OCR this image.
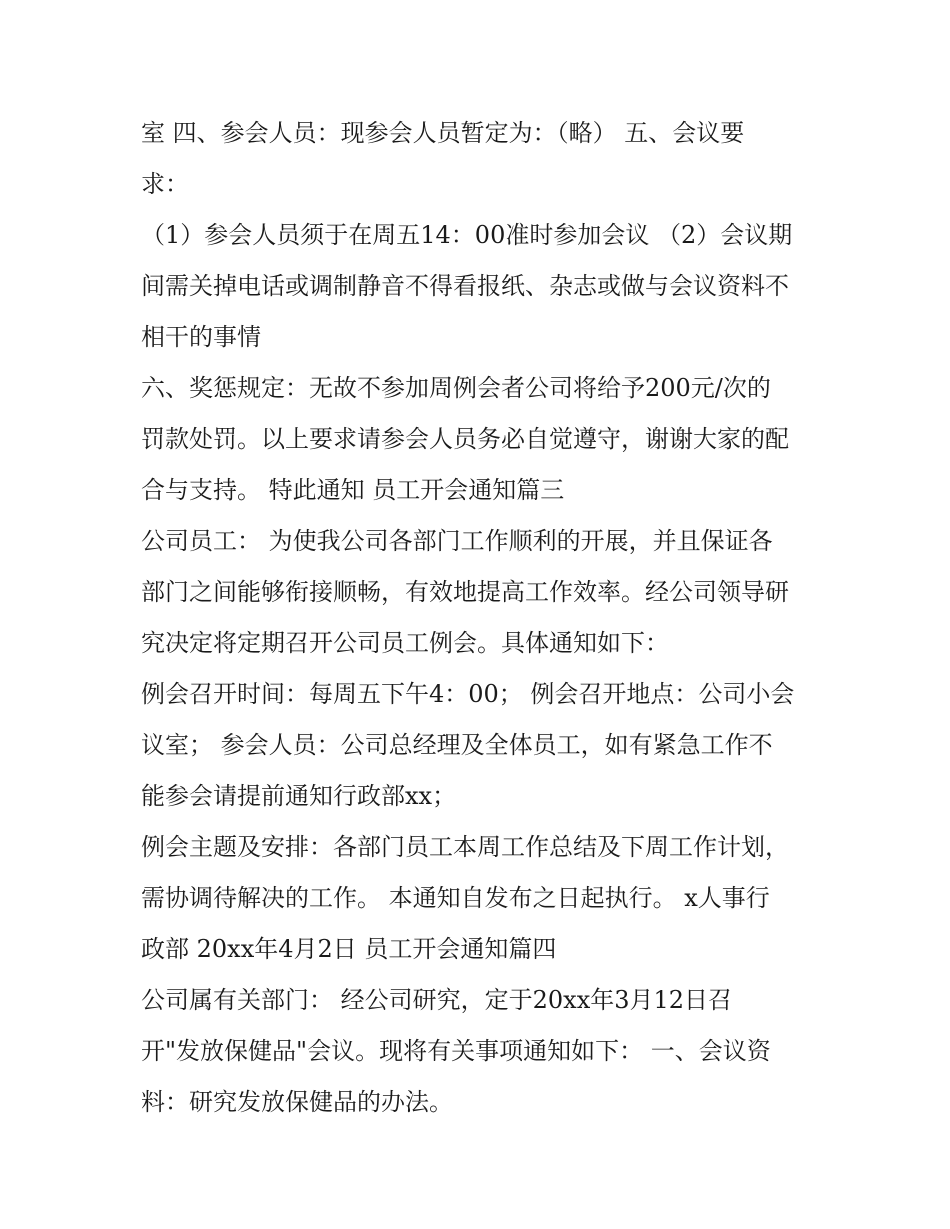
室 四、参会人员：现参会人员暂定为：（略） 五、会议要
求：
（1）参会人员须于在周五14：00准时参加会议 （2）会议期
间需关掉电话或调制静音不得看报纸、杂志或做与会议资料不
相干的事情
六、奖惩规定：无故不参加周例会者公司将给予200元/次的
罚款处罚。以上要求请参会人员务必自觉遵守，谢谢大家的配
合与支持。 特此通知 员工开会通知篇三
公司员工： 为使我公司各部门工作顺利的开展，并且保证各
部门之间能够衔接顺畅，有效地提高工作效率。经公司领导研
究决定将定期召开公司员工例会。具体通知如下：
例会召开时间：每周五下午4：00； 例会召开地点：公司小会
议室； 参会人员：公司总经理及全体员工，如有紧急工作不
能参会请提前通知行政部xx；
例会主题及安排：各部门员工本周工作总结及下周工作计划，
需协调待解决的工作。 本通知自发布之日起执行。 x人事行
政部 20xx年4月2日 员工开会通知篇四
公司属有关部门： 经公司研究，定于20xx年3月12日召
开"发放保健品"会议。现将有关事项通知如下： 一、会议资
料：研究发放保健品的办法。
